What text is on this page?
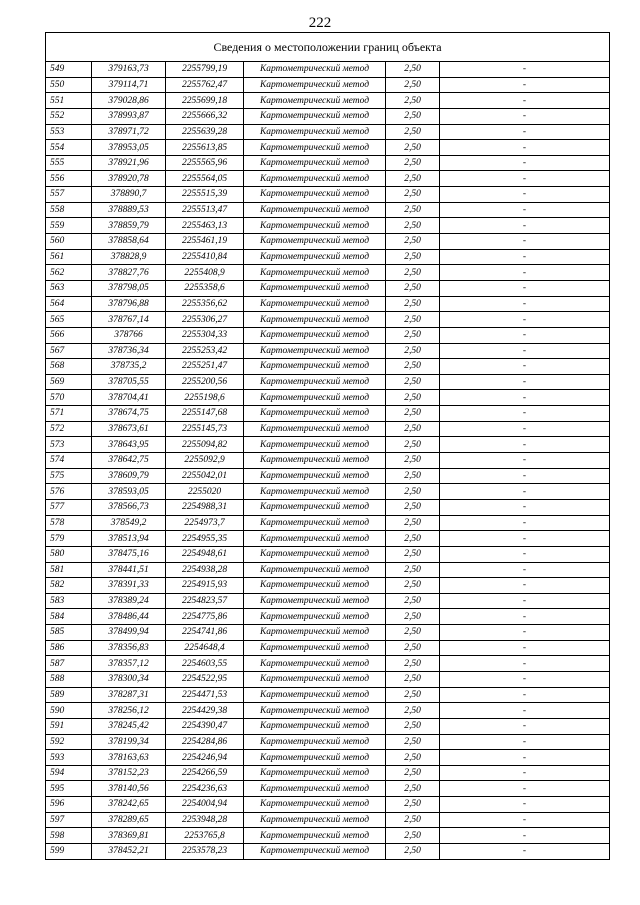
222
Сведения о местоположении границ объекта					
549	379163,73	2255799,19	Картометрический метод	2,50	-
550	379114,71	2255762,47	Картометрический метод	2,50	-
551	379028,86	2255699,18	Картометрический метод	2,50	-
552	378993,87	2255666,32	Картометрический метод	2,50	-
553	378971,72	2255639,28	Картометрический метод	2,50	-
554	378953,05	2255613,85	Картометрический метод	2,50	-
555	378921,96	2255565,96	Картометрический метод	2,50	-
556	378920,78	2255564,05	Картометрический метод	2,50	-
557	378890,7	2255515,39	Картометрический метод	2,50	-
558	378889,53	2255513,47	Картометрический метод	2,50	-
559	378859,79	2255463,13	Картометрический метод	2,50	-
560	378858,64	2255461,19	Картометрический метод	2,50	-
561	378828,9	2255410,84	Картометрический метод	2,50	-
562	378827,76	2255408,9	Картометрический метод	2,50	-
563	378798,05	2255358,6	Картометрический метод	2,50	-
564	378796,88	2255356,62	Картометрический метод	2,50	-
565	378767,14	2255306,27	Картометрический метод	2,50	-
566	378766	2255304,33	Картометрический метод	2,50	-
567	378736,34	2255253,42	Картометрический метод	2,50	-
568	378735,2	2255251,47	Картометрический метод	2,50	-
569	378705,55	2255200,56	Картометрический метод	2,50	-
570	378704,41	2255198,6	Картометрический метод	2,50	-
571	378674,75	2255147,68	Картометрический метод	2,50	-
572	378673,61	2255145,73	Картометрический метод	2,50	-
573	378643,95	2255094,82	Картометрический метод	2,50	-
574	378642,75	2255092,9	Картометрический метод	2,50	-
575	378609,79	2255042,01	Картометрический метод	2,50	-
576	378593,05	2255020	Картометрический метод	2,50	-
577	378566,73	2254988,31	Картометрический метод	2,50	-
578	378549,2	2254973,7	Картометрический метод	2,50	-
579	378513,94	2254955,35	Картометрический метод	2,50	-
580	378475,16	2254948,61	Картометрический метод	2,50	-
581	378441,51	2254938,28	Картометрический метод	2,50	-
582	378391,33	2254915,93	Картометрический метод	2,50	-
583	378389,24	2254823,57	Картометрический метод	2,50	-
584	378486,44	2254775,86	Картометрический метод	2,50	-
585	378499,94	2254741,86	Картометрический метод	2,50	-
586	378356,83	2254648,4	Картометрический метод	2,50	-
587	378357,12	2254603,55	Картометрический метод	2,50	-
588	378300,34	2254522,95	Картометрический метод	2,50	-
589	378287,31	2254471,53	Картометрический метод	2,50	-
590	378256,12	2254429,38	Картометрический метод	2,50	-
591	378245,42	2254390,47	Картометрический метод	2,50	-
592	378199,34	2254284,86	Картометрический метод	2,50	-
593	378163,63	2254246,94	Картометрический метод	2,50	-
594	378152,23	2254266,59	Картометрический метод	2,50	-
595	378140,56	2254236,63	Картометрический метод	2,50	-
596	378242,65	2254004,94	Картометрический метод	2,50	-
597	378289,65	2253948,28	Картометрический метод	2,50	-
598	378369,81	2253765,8	Картометрический метод	2,50	-
599	378452,21	2253578,23	Картометрический метод	2,50	-
